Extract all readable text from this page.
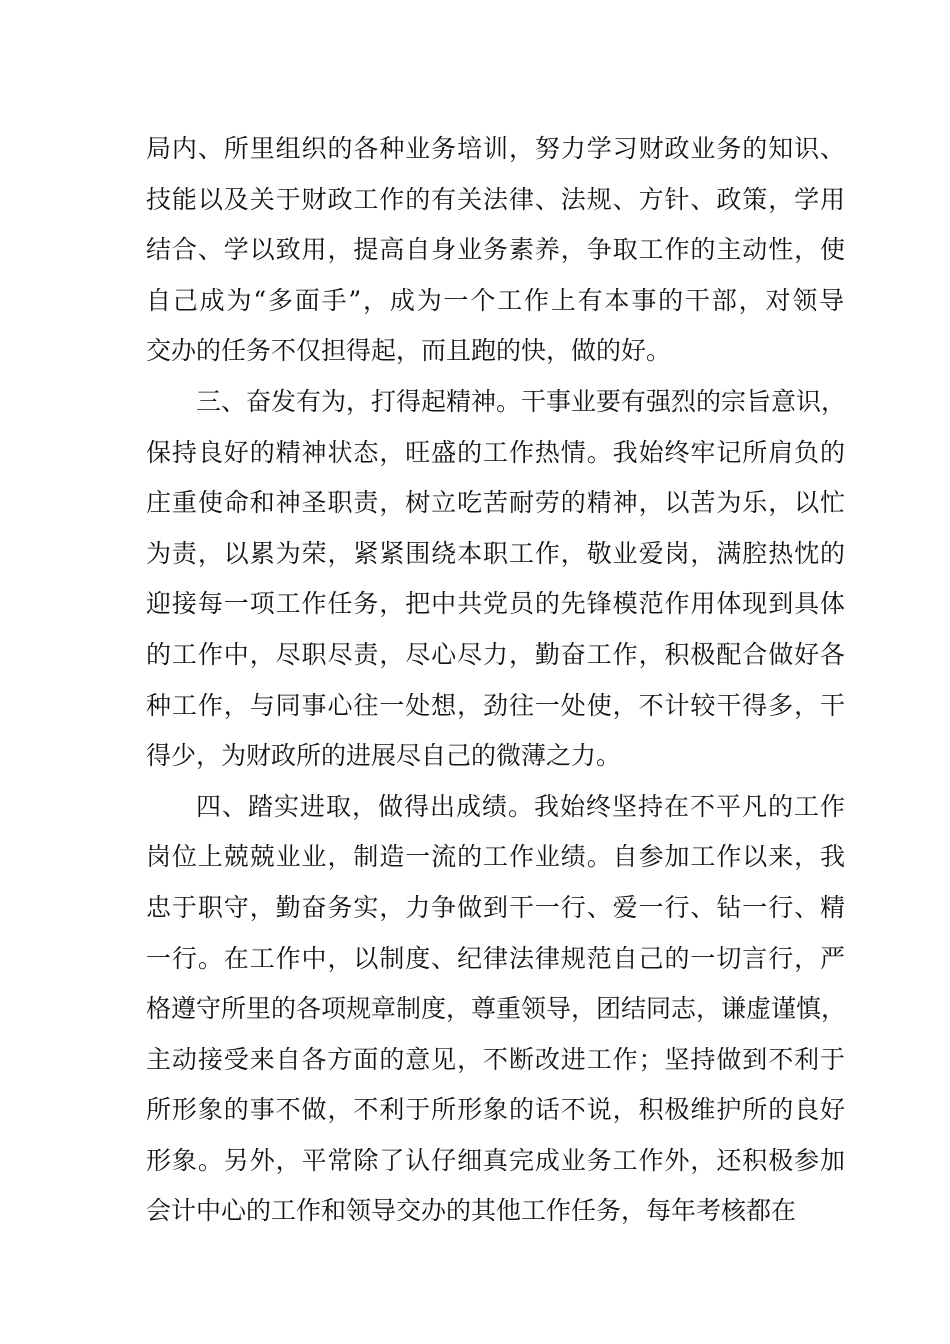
局内、所里组织的各种业务培训，努力学习财政业务的知识、
技能以及关于财政工作的有关法律、法规、方针、政策，学用
结合、学以致用，提高自身业务素养，争取工作的主动性，使
自己成为“多面手”，成为一个工作上有本事的干部，对领导
交办的任务不仅担得起，而且跑的快，做的好。
三、奋发有为，打得起精神。干事业要有强烈的宗旨意识，
保持良好的精神状态，旺盛的工作热情。我始终牢记所肩负的
庄重使命和神圣职责，树立吃苦耐劳的精神，以苦为乐，以忙
为责，以累为荣，紧紧围绕本职工作，敬业爱岗，满腔热忱的
迎接每一项工作任务，把中共党员的先锋模范作用体现到具体
的工作中，尽职尽责，尽心尽力，勤奋工作，积极配合做好各
种工作，与同事心往一处想，劲往一处使，不计较干得多，干
得少，为财政所的进展尽自己的微薄之力。
四、踏实进取，做得出成绩。我始终坚持在不平凡的工作
岗位上兢兢业业，制造一流的工作业绩。自参加工作以来，我
忠于职守，勤奋务实，力争做到干一行、爱一行、钻一行、精
一行。在工作中，以制度、纪律法律规范自己的一切言行，严
格遵守所里的各项规章制度，尊重领导，团结同志，谦虚谨慎，
主动接受来自各方面的意见，不断改进工作；坚持做到不利于
所形象的事不做，不利于所形象的话不说，积极维护所的良好
形象。另外，平常除了认仔细真完成业务工作外，还积极参加
会计中心的工作和领导交办的其他工作任务，每年考核都在
